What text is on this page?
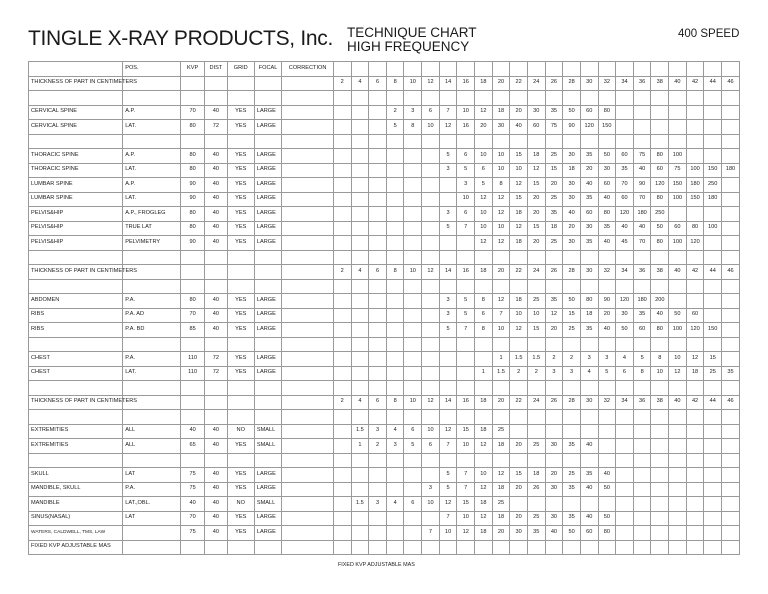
TINGLE X-RAY PRODUCTS, Inc. TECHNIQUE CHART
HIGH FREQUENCY
400 SPEED
	POS.	KVP	DIST	GRID	FOCAL	CORRECTION																							
THICKNESS OF PART IN CENTIMETERS							2	4	6	8	10	12	14	16	18	20	22	24	26	28	30	32	34	36	38	40	42	44	46

CERVICAL SPINE	A.P.	70	40	YES	LARGE					2	3	6	7	10	12	18	20	30	35	50	60	80							
CERVICAL SPINE	LAT.	80	72	YES	LARGE					5	8	10	12	16	20	30	40	60	75	90	120	150							

THORACIC SPINE	A.P.	80	40	YES	LARGE								5	6	10	10	15	18	25	30	35	50	60	75	80	100			
THORACIC SPINE	LAT.	80	40	YES	LARGE								3	5	6	10	10	12	15	18	20	30	35	40	60	75	100	150	180
LUMBAR SPINE	A.P.	90	40	YES	LARGE									3	5	8	12	15	20	30	40	60	70	90	120	150	180	250	
LUMBAR SPINE	LAT.	90	40	YES	LARGE									10	12	12	15	20	25	30	35	40	60	70	80	100	150	180	
PELVIS&HIP	A.P., FROGLEG	80	40	YES	LARGE								3	6	10	12	18	20	35	40	60	80	120	180	250				
PELVIS&HIP	TRUE LAT	80	40	YES	LARGE								5	7	10	10	12	15	18	20	30	35	40	40	50	60	80	100	
PELVIS&HIP	PELVIMETRY	90	40	YES	LARGE										12	12	18	20	25	30	35	40	45	70	80	100	120		

THICKNESS OF PART IN CENTIMETERS							2	4	6	8	10	12	14	16	18	20	22	24	26	28	30	32	34	36	38	40	42	44	46

ABDOMEN	P.A.	80	40	YES	LARGE								3	5	8	12	18	25	35	50	80	90	120	180	200				
RIBS	P.A. AD	70	40	YES	LARGE								3	5	6	7	10	10	12	15	18	20	30	35	40	50	60		
RIBS	P.A. BD	85	40	YES	LARGE								5	7	8	10	12	15	20	25	35	40	50	60	80	100	120	150	

CHEST	P.A.	110	72	YES	LARGE											1	1.5	1.5	2	2	3	3	4	5	8	10	12	15	
CHEST	LAT.	110	72	YES	LARGE										1	1.5	2	2	3	3	4	5	6	8	10	12	18	25	35

THICKNESS OF PART IN CENTIMETERS							2	4	6	8	10	12	14	16	18	20	22	24	26	28	30	32	34	36	38	40	42	44	46

EXTREMITIES	ALL	40	40	NO	SMALL			1.5	3	4	6	10	12	15	18	25													
EXTREMITIES	ALL	65	40	YES	SMALL			1	2	3	5	6	7	10	12	18	20	25	30	35	40								

SKULL	LAT	75	40	YES	LARGE								5	7	10	12	15	18	20	25	35	40							
MANDIBLE, SKULL	P.A.	75	40	YES	LARGE							3	5	7	12	18	20	26	30	35	40	50							
MANDIBLE	LAT.,OBL.	40	40	NO	SMALL			1.5	3	4	6	10	12	15	18	25													
SINUS(NASAL)	LAT	70	40	YES	LARGE								7	10	12	18	20	25	30	35	40	50							
WATERS, CALDWELL, TMS, LAW		75	40	YES	LARGE							7	10	12	18	20	30	35	40	50	60	80							
FIXED KVP ADJUSTABLE MAS																													
FIXED KVP ADJUSTABLE MAS
